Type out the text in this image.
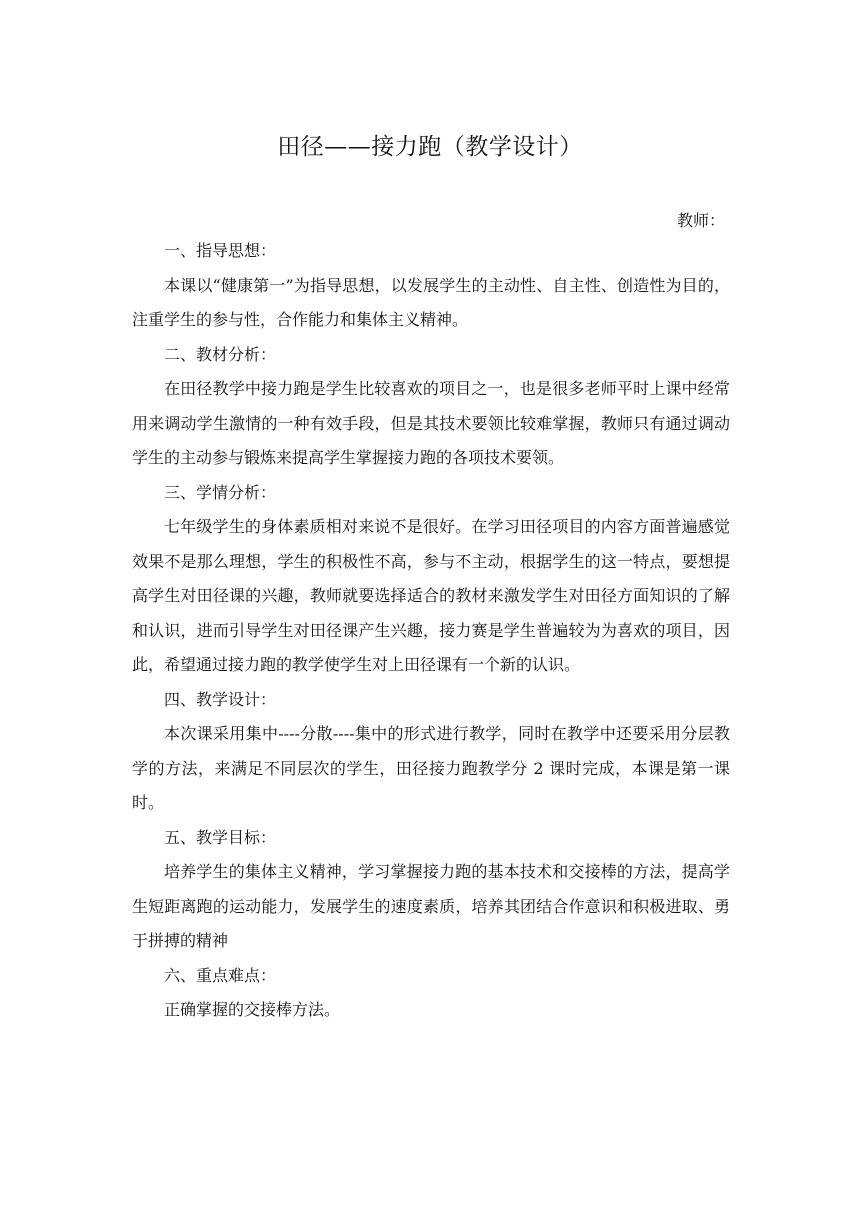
田径——接力跑（教学设计）
教师：

一、指导思想：

本课以“健康第一”为指导思想，以发展学生的主动性、自主性、创造性为目的，注重学生的参与性，合作能力和集体主义精神。

二、教材分析：

在田径教学中接力跑是学生比较喜欢的项目之一，也是很多老师平时上课中经常用来调动学生激情的一种有效手段，但是其技术要领比较难掌握，教师只有通过调动学生的主动参与锻炼来提高学生掌握接力跑的各项技术要领。

三、学情分析：

七年级学生的身体素质相对来说不是很好。在学习田径项目的内容方面普遍感觉效果不是那么理想，学生的积极性不高，参与不主动，根据学生的这一特点，要想提高学生对田径课的兴趣，教师就要选择适合的教材来激发学生对田径方面知识的了解和认识，进而引导学生对田径课产生兴趣，接力赛是学生普遍较为为喜欢的项目，因此，希望通过接力跑的教学使学生对上田径课有一个新的认识。

四、教学设计：

本次课采用集中----分散----集中的形式进行教学，同时在教学中还要采用分层教学的方法，来满足不同层次的学生，田径接力跑教学分 2 课时完成，本课是第一课时。

五、教学目标：

培养学生的集体主义精神，学习掌握接力跑的基本技术和交接棒的方法，提高学生短距离跑的运动能力，发展学生的速度素质，培养其团结合作意识和积极进取、勇于拼搏的精神

六、重点难点：

正确掌握的交接棒方法。
